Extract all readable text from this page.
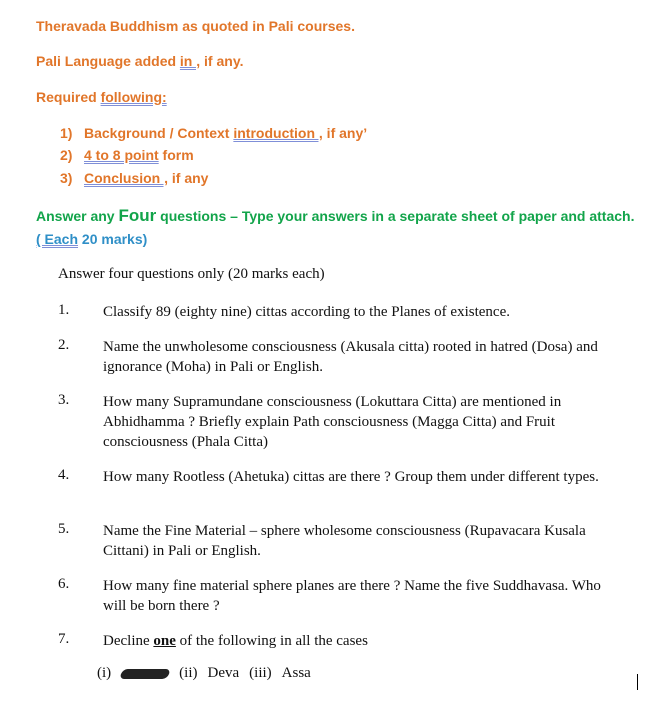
Theravada Buddhism as quoted in Pali courses.
Pali Language added in , if any.
Required following:
1) Background / Context introduction , if any’
2) 4 to 8 point form
3) Conclusion , if any
Answer any Four questions – Type your answers in a separate sheet of paper and attach.
( Each 20 marks)
Answer four questions only (20 marks each)
1. Classify 89 (eighty nine) cittas according to the Planes of existence.
2. Name the unwholesome consciousness (Akusala citta) rooted in hatred (Dosa) and ignorance (Moha) in Pali or English.
3. How many Supramundane consciousness (Lokuttara Citta) are mentioned in Abhidhamma ? Briefly explain Path consciousness (Magga Citta) and Fruit consciousness (Phala Citta)
4. How many Rootless (Ahetuka) cittas are there ? Group them under different types.
5. Name the Fine Material – sphere wholesome consciousness (Rupavacara Kusala Cittani) in Pali or English.
6. How many fine material sphere planes are there ? Name the five Suddhavasa. Who will be born there ?
7. Decline one of the following in all the cases
(i)	(ii) Deva (iii) Assa
